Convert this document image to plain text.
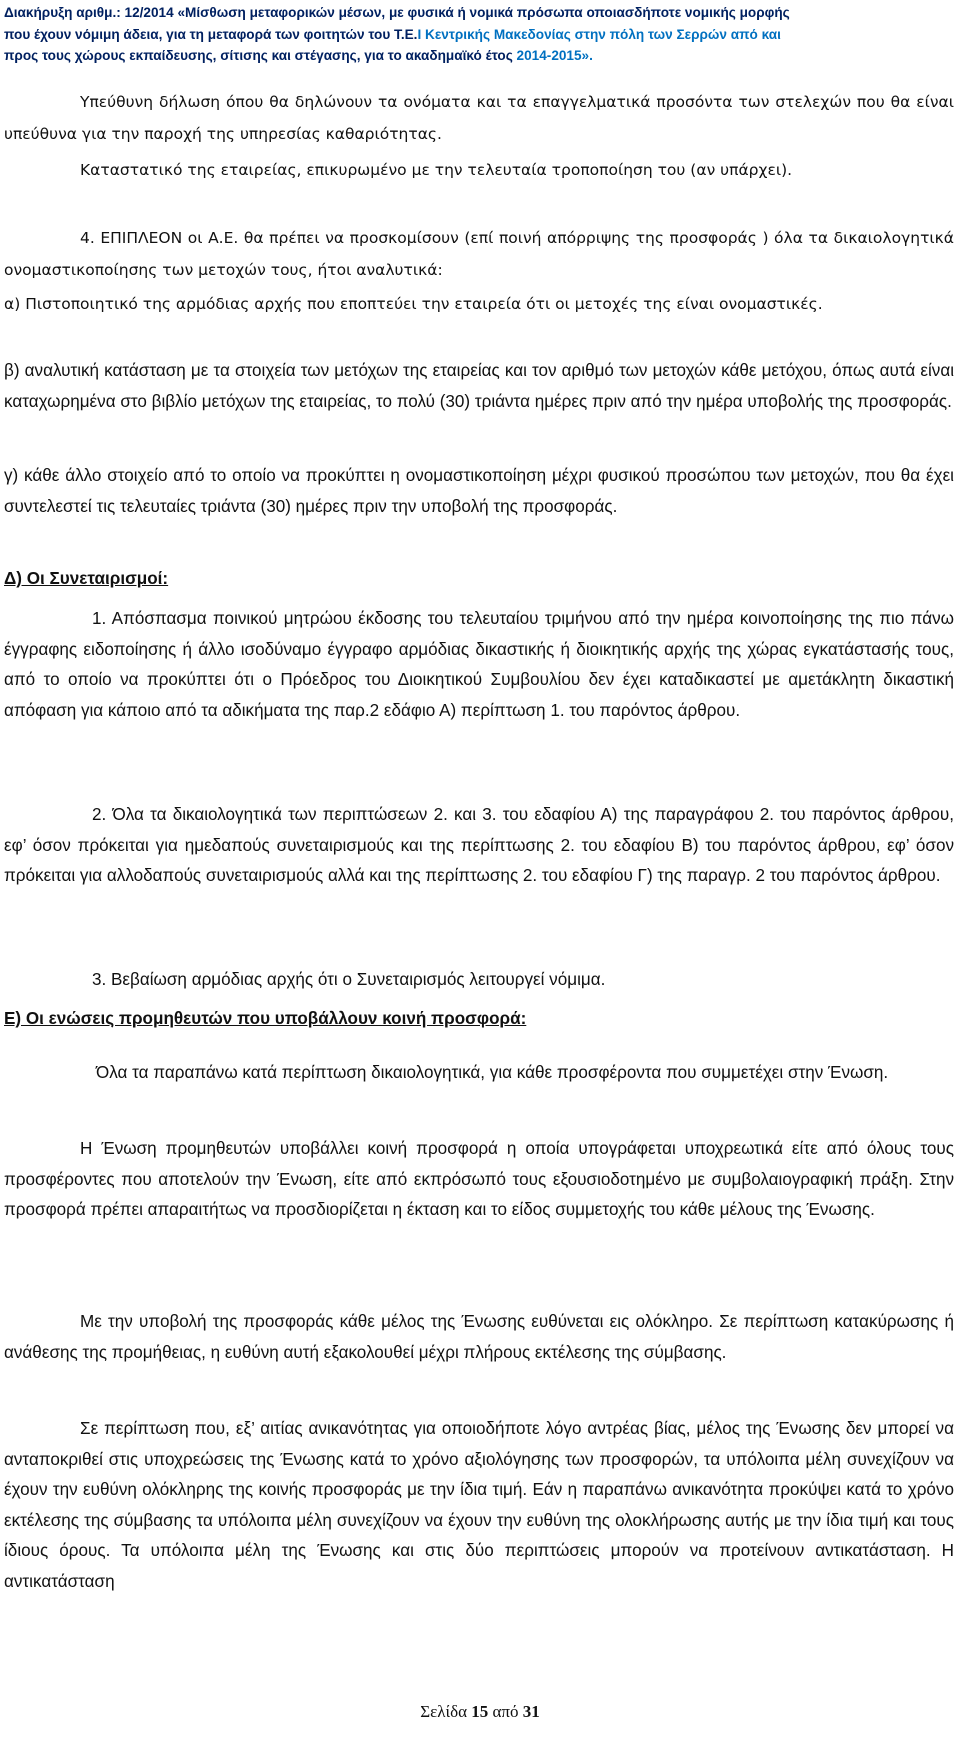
Διακήρυξη αριθμ.: 12/2014 «Μίσθωση μεταφορικών μέσων, με φυσικά ή νομικά πρόσωπα οποιασδήποτε νομικής μορφής
που έχουν νόμιμη άδεια, για τη μεταφορά των φοιτητών του Τ.Ε.Ι Κεντρικής Μακεδονίας στην πόλη των Σερρών από και
προς τους χώρους εκπαίδευσης, σίτισης και στέγασης, για το ακαδημαϊκό έτος 2014-2015».
Υπεύθυνη δήλωση όπου θα δηλώνουν τα ονόματα και τα επαγγελματικά προσόντα των στελεχών που θα είναι υπεύθυνα για την παροχή της υπηρεσίας καθαριότητας.
Καταστατικό της εταιρείας, επικυρωμένο με την τελευταία τροποποίηση του (αν υπάρχει).
4. ΕΠΙΠΛΕΟΝ οι Α.Ε. θα πρέπει να προσκομίσουν (επί ποινή απόρριψης της προσφοράς ) όλα τα δικαιολογητικά ονομαστικοποίησης των μετοχών τους, ήτοι αναλυτικά:
α) Πιστοποιητικό της αρμόδιας αρχής που εποπτεύει την εταιρεία ότι οι μετοχές της είναι ονομαστικές.
β) αναλυτική κατάσταση με τα στοιχεία των μετόχων της εταιρείας και τον αριθμό των μετοχών κάθε μετόχου, όπως αυτά είναι καταχωρημένα στο βιβλίο μετόχων της εταιρείας, το πολύ (30) τριάντα ημέρες πριν από την ημέρα υποβολής της προσφοράς.
γ) κάθε άλλο στοιχείο από το οποίο να προκύπτει η ονομαστικοποίηση μέχρι φυσικού προσώπου των μετοχών, που θα έχει συντελεστεί τις τελευταίες τριάντα (30) ημέρες πριν την υποβολή της προσφοράς.
Δ) Οι Συνεταιρισμοί:
1. Απόσπασμα ποινικού μητρώου έκδοσης του τελευταίου τριμήνου από την ημέρα κοινοποίησης της πιο πάνω έγγραφης ειδοποίησης ή άλλο ισοδύναμο έγγραφο αρμόδιας δικαστικής ή διοικητικής αρχής της χώρας εγκατάστασής τους, από το οποίο να προκύπτει ότι ο Πρόεδρος του Διοικητικού Συμβουλίου δεν έχει καταδικαστεί με αμετάκλητη δικαστική απόφαση για κάποιο από τα αδικήματα της παρ.2 εδάφιο Α) περίπτωση 1. του παρόντος άρθρου.
2. Όλα τα δικαιολογητικά των περιπτώσεων 2. και 3. του εδαφίου Α) της παραγράφου 2. του παρόντος άρθρου, εφ’ όσον πρόκειται για ημεδαπούς συνεταιρισμούς και της περίπτωσης 2. του εδαφίου Β) του παρόντος άρθρου, εφ’ όσον πρόκειται για αλλοδαπούς συνεταιρισμούς αλλά και της περίπτωσης 2. του εδαφίου Γ) της παραγρ. 2 του παρόντος άρθρου.
3. Βεβαίωση αρμόδιας αρχής ότι ο Συνεταιρισμός λειτουργεί νόμιμα.
Ε) Οι ενώσεις προμηθευτών που υποβάλλουν κοινή προσφορά:
Όλα τα παραπάνω κατά περίπτωση δικαιολογητικά, για κάθε προσφέροντα που συμμετέχει στην Ένωση.
Η Ένωση προμηθευτών υποβάλλει κοινή προσφορά η οποία υπογράφεται υποχρεωτικά είτε από όλους τους προσφέροντες που αποτελούν την Ένωση, είτε από εκπρόσωπό τους εξουσιοδοτημένο με συμβολαιογραφική πράξη. Στην προσφορά πρέπει απαραιτήτως να προσδιορίζεται η έκταση και το είδος συμμετοχής του κάθε μέλους της Ένωσης.
Με την υποβολή της προσφοράς κάθε μέλος της Ένωσης ευθύνεται εις ολόκληρο. Σε περίπτωση κατακύρωσης ή ανάθεσης της προμήθειας, η ευθύνη αυτή εξακολουθεί μέχρι πλήρους εκτέλεσης της σύμβασης.
Σε περίπτωση που, εξ’ αιτίας ανικανότητας για οποιοδήποτε λόγο αντρέας βίας, μέλος της Ένωσης δεν μπορεί να ανταποκριθεί στις υποχρεώσεις της Ένωσης κατά το χρόνο αξιολόγησης των προσφορών, τα υπόλοιπα μέλη συνεχίζουν να έχουν την ευθύνη ολόκληρης της κοινής προσφοράς με την ίδια τιμή. Εάν η παραπάνω ανικανότητα προκύψει κατά το χρόνο εκτέλεσης της σύμβασης τα υπόλοιπα μέλη συνεχίζουν να έχουν την ευθύνη της ολοκλήρωσης αυτής με την ίδια τιμή και τους ίδιους όρους. Τα υπόλοιπα μέλη της Ένωσης και στις δύο περιπτώσεις μπορούν να προτείνουν αντικατάσταση. Η αντικατάσταση
Σελίδα 15 από 31
